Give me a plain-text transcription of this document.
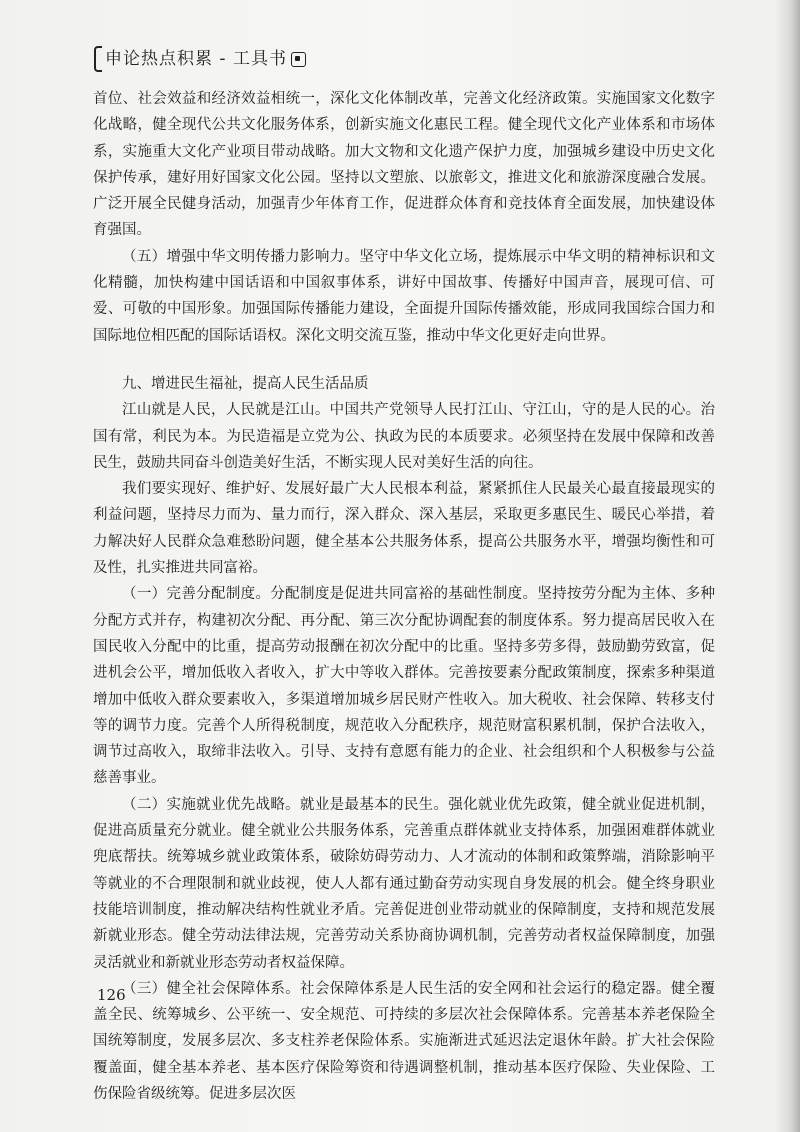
申论热点积累 - 工具书

首位、社会效益和经济效益相统一，深化文化体制改革，完善文化经济政策。实施国家文化数字化战略，健全现代公共文化服务体系，创新实施文化惠民工程。健全现代文化产业体系和市场体系，实施重大文化产业项目带动战略。加大文物和文化遗产保护力度，加强城乡建设中历史文化保护传承，建好用好国家文化公园。坚持以文塑旅、以旅彰文，推进文化和旅游深度融合发展。广泛开展全民健身活动，加强青少年体育工作，促进群众体育和竞技体育全面发展，加快建设体育强国。

（五）增强中华文明传播力影响力。坚守中华文化立场，提炼展示中华文明的精神标识和文化精髓，加快构建中国话语和中国叙事体系，讲好中国故事、传播好中国声音，展现可信、可爱、可敬的中国形象。加强国际传播能力建设，全面提升国际传播效能，形成同我国综合国力和国际地位相匹配的国际话语权。深化文明交流互鉴，推动中华文化更好走向世界。

九、增进民生福祉，提高人民生活品质

江山就是人民，人民就是江山。中国共产党领导人民打江山、守江山，守的是人民的心。治国有常，利民为本。为民造福是立党为公、执政为民的本质要求。必须坚持在发展中保障和改善民生，鼓励共同奋斗创造美好生活，不断实现人民对美好生活的向往。

我们要实现好、维护好、发展好最广大人民根本利益，紧紧抓住人民最关心最直接最现实的利益问题，坚持尽力而为、量力而行，深入群众、深入基层，采取更多惠民生、暖民心举措，着力解决好人民群众急难愁盼问题，健全基本公共服务体系，提高公共服务水平，增强均衡性和可及性，扎实推进共同富裕。

（一）完善分配制度。分配制度是促进共同富裕的基础性制度。坚持按劳分配为主体、多种分配方式并存，构建初次分配、再分配、第三次分配协调配套的制度体系。努力提高居民收入在国民收入分配中的比重，提高劳动报酬在初次分配中的比重。坚持多劳多得，鼓励勤劳致富，促进机会公平，增加低收入者收入，扩大中等收入群体。完善按要素分配政策制度，探索多种渠道增加中低收入群众要素收入，多渠道增加城乡居民财产性收入。加大税收、社会保障、转移支付等的调节力度。完善个人所得税制度，规范收入分配秩序，规范财富积累机制，保护合法收入，调节过高收入，取缔非法收入。引导、支持有意愿有能力的企业、社会组织和个人积极参与公益慈善事业。

（二）实施就业优先战略。就业是最基本的民生。强化就业优先政策，健全就业促进机制，促进高质量充分就业。健全就业公共服务体系，完善重点群体就业支持体系，加强困难群体就业兜底帮扶。统筹城乡就业政策体系，破除妨碍劳动力、人才流动的体制和政策弊端，消除影响平等就业的不合理限制和就业歧视，使人人都有通过勤奋劳动实现自身发展的机会。健全终身职业技能培训制度，推动解决结构性就业矛盾。完善促进创业带动就业的保障制度，支持和规范发展新就业形态。健全劳动法律法规，完善劳动关系协商协调机制，完善劳动者权益保障制度，加强灵活就业和新就业形态劳动者权益保障。

（三）健全社会保障体系。社会保障体系是人民生活的安全网和社会运行的稳定器。健全覆盖全民、统筹城乡、公平统一、安全规范、可持续的多层次社会保障体系。完善基本养老保险全国统筹制度，发展多层次、多支柱养老保险体系。实施渐进式延迟法定退休年龄。扩大社会保险覆盖面，健全基本养老、基本医疗保险筹资和待遇调整机制，推动基本医疗保险、失业保险、工伤保险省级统筹。促进多层次医

126
